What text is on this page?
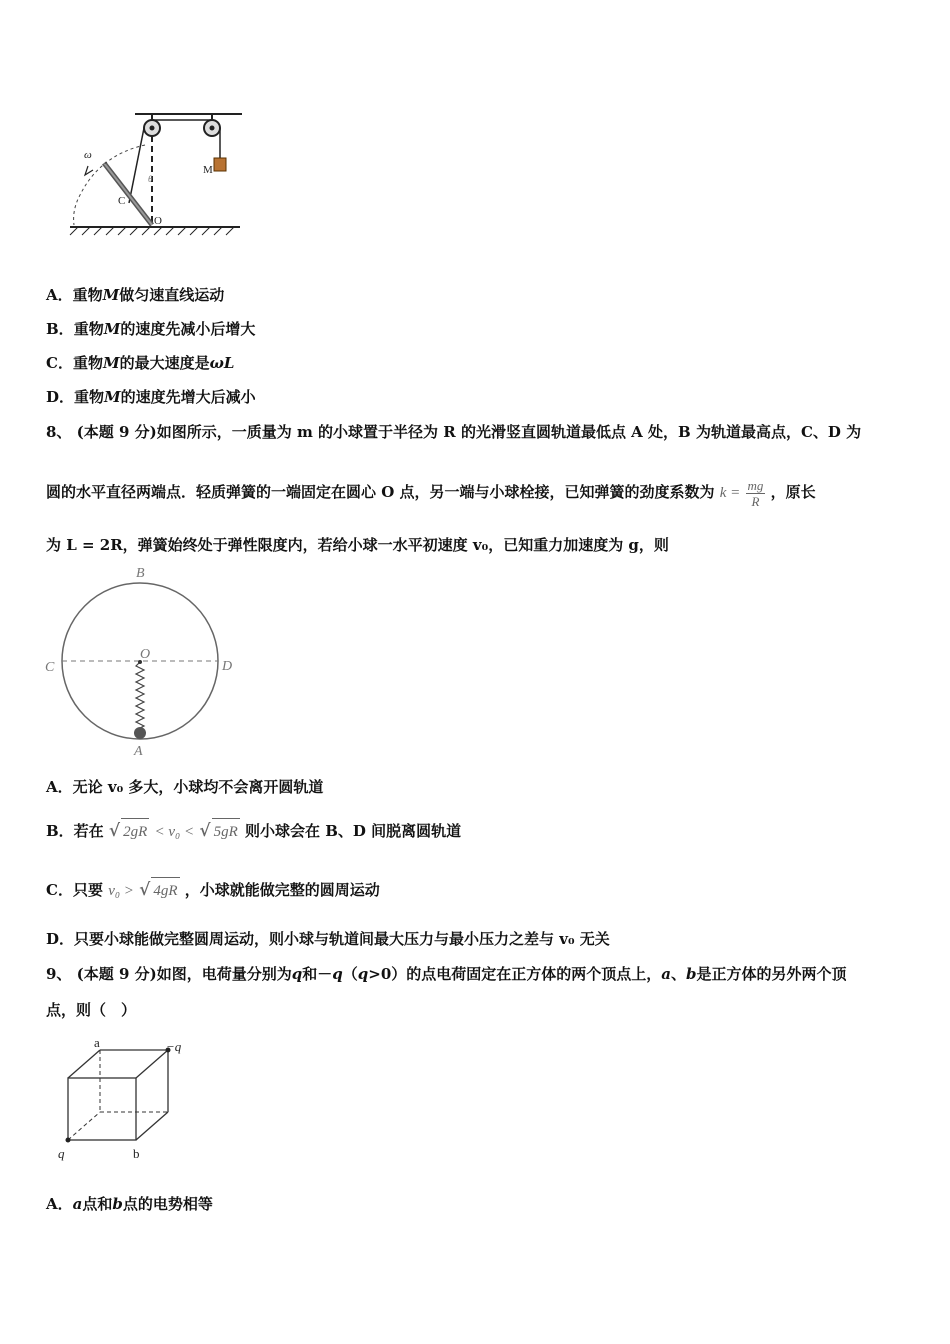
M
ω
θ
C
O
A．重物M做匀速直线运动
B．重物M的速度先减小后增大
C．重物M的最大速度是ωL
D．重物M的速度先增大后减小
8、 (本题 9 分)如图所示，一质量为 m 的小球置于半径为 R 的光滑竖直圆轨道最低点 A 处，B 为轨道最高点，C、D 为
圆的水平直径两端点．轻质弹簧的一端固定在圆心 O 点，另一端与小球栓接，已知弹簧的劲度系数为 $k = \frac{mg}{R}$ ，原长
为 L = 2R，弹簧始终处于弹性限度内，若给小球一水平初速度 v₀，已知重力加速度为 g，则
B
O
C	D
A
A．无论 v₀ 多大，小球均不会离开圆轨道
B．若在 √ 2gR < v₀ < √ 5gR 则小球会在 B、D 间脱离圆轨道
C．只要 v₀ > √ 4gR ，小球就能做完整的圆周运动
D．只要小球能做完整圆周运动，则小球与轨道间最大压力与最小压力之差与 v₀ 无关
9、 (本题 9 分)如图，电荷量分别为q和－q（q>0）的点电荷固定在正方体的两个顶点上，a、b是正方体的另外两个顶
点，则（　）
a	−q
q	b
A．a点和b点的电势相等
